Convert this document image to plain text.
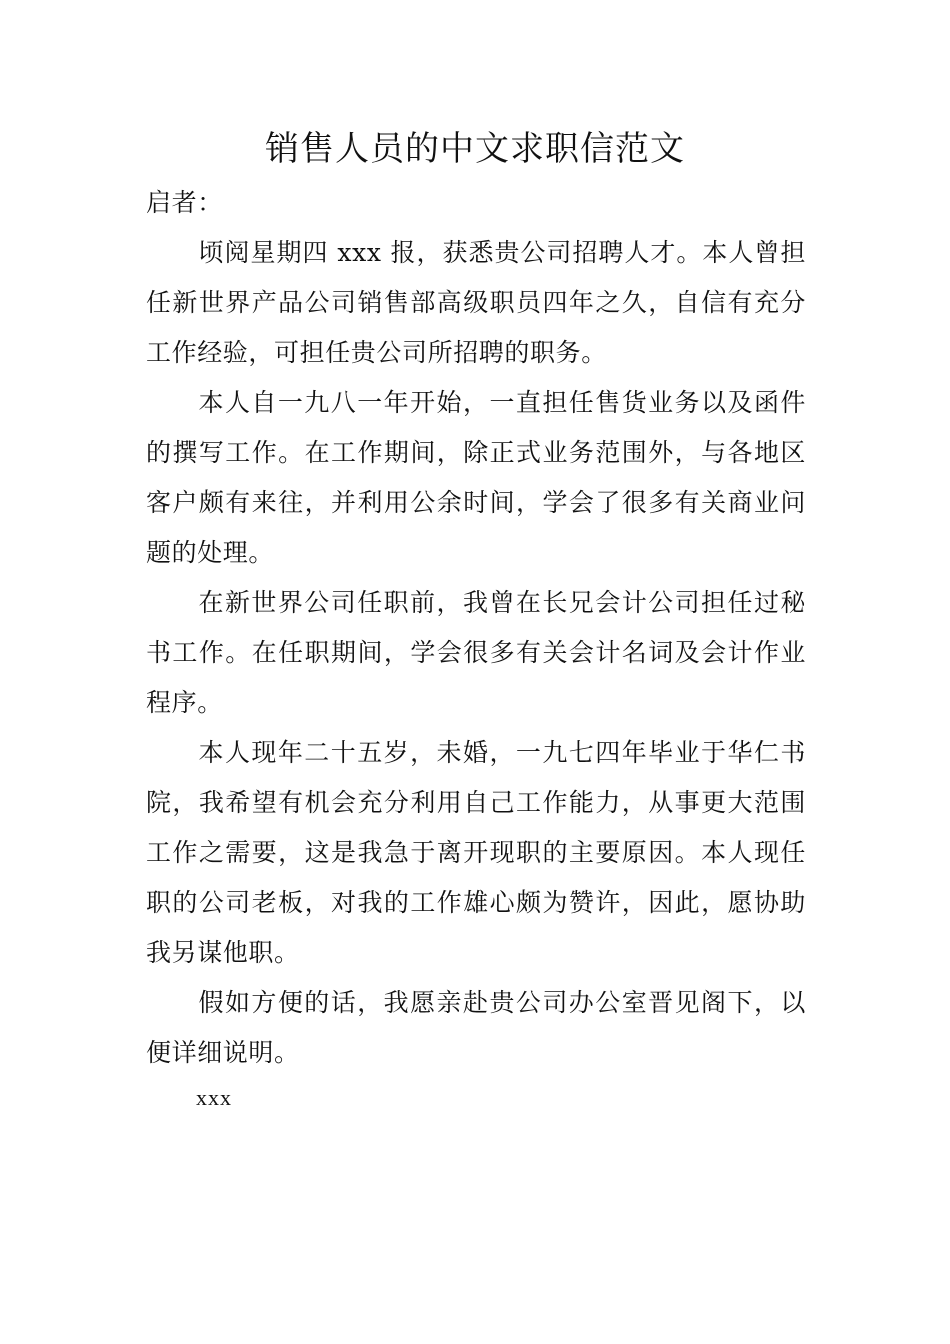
销售人员的中文求职信范文

启者：

顷阅星期四 xxx 报，获悉贵公司招聘人才。本人曾担任新世界产品公司销售部高级职员四年之久，自信有充分工作经验，可担任贵公司所招聘的职务。

本人自一九八一年开始，一直担任售货业务以及函件的撰写工作。在工作期间，除正式业务范围外，与各地区客户颇有来往，并利用公余时间，学会了很多有关商业问题的处理。

在新世界公司任职前，我曾在长兄会计公司担任过秘书工作。在任职期间，学会很多有关会计名词及会计作业程序。

本人现年二十五岁，未婚，一九七四年毕业于华仁书院，我希望有机会充分利用自己工作能力，从事更大范围工作之需要，这是我急于离开现职的主要原因。本人现任职的公司老板，对我的工作雄心颇为赞许，因此，愿协助我另谋他职。

假如方便的话，我愿亲赴贵公司办公室晋见阁下，以便详细说明。

xxx
